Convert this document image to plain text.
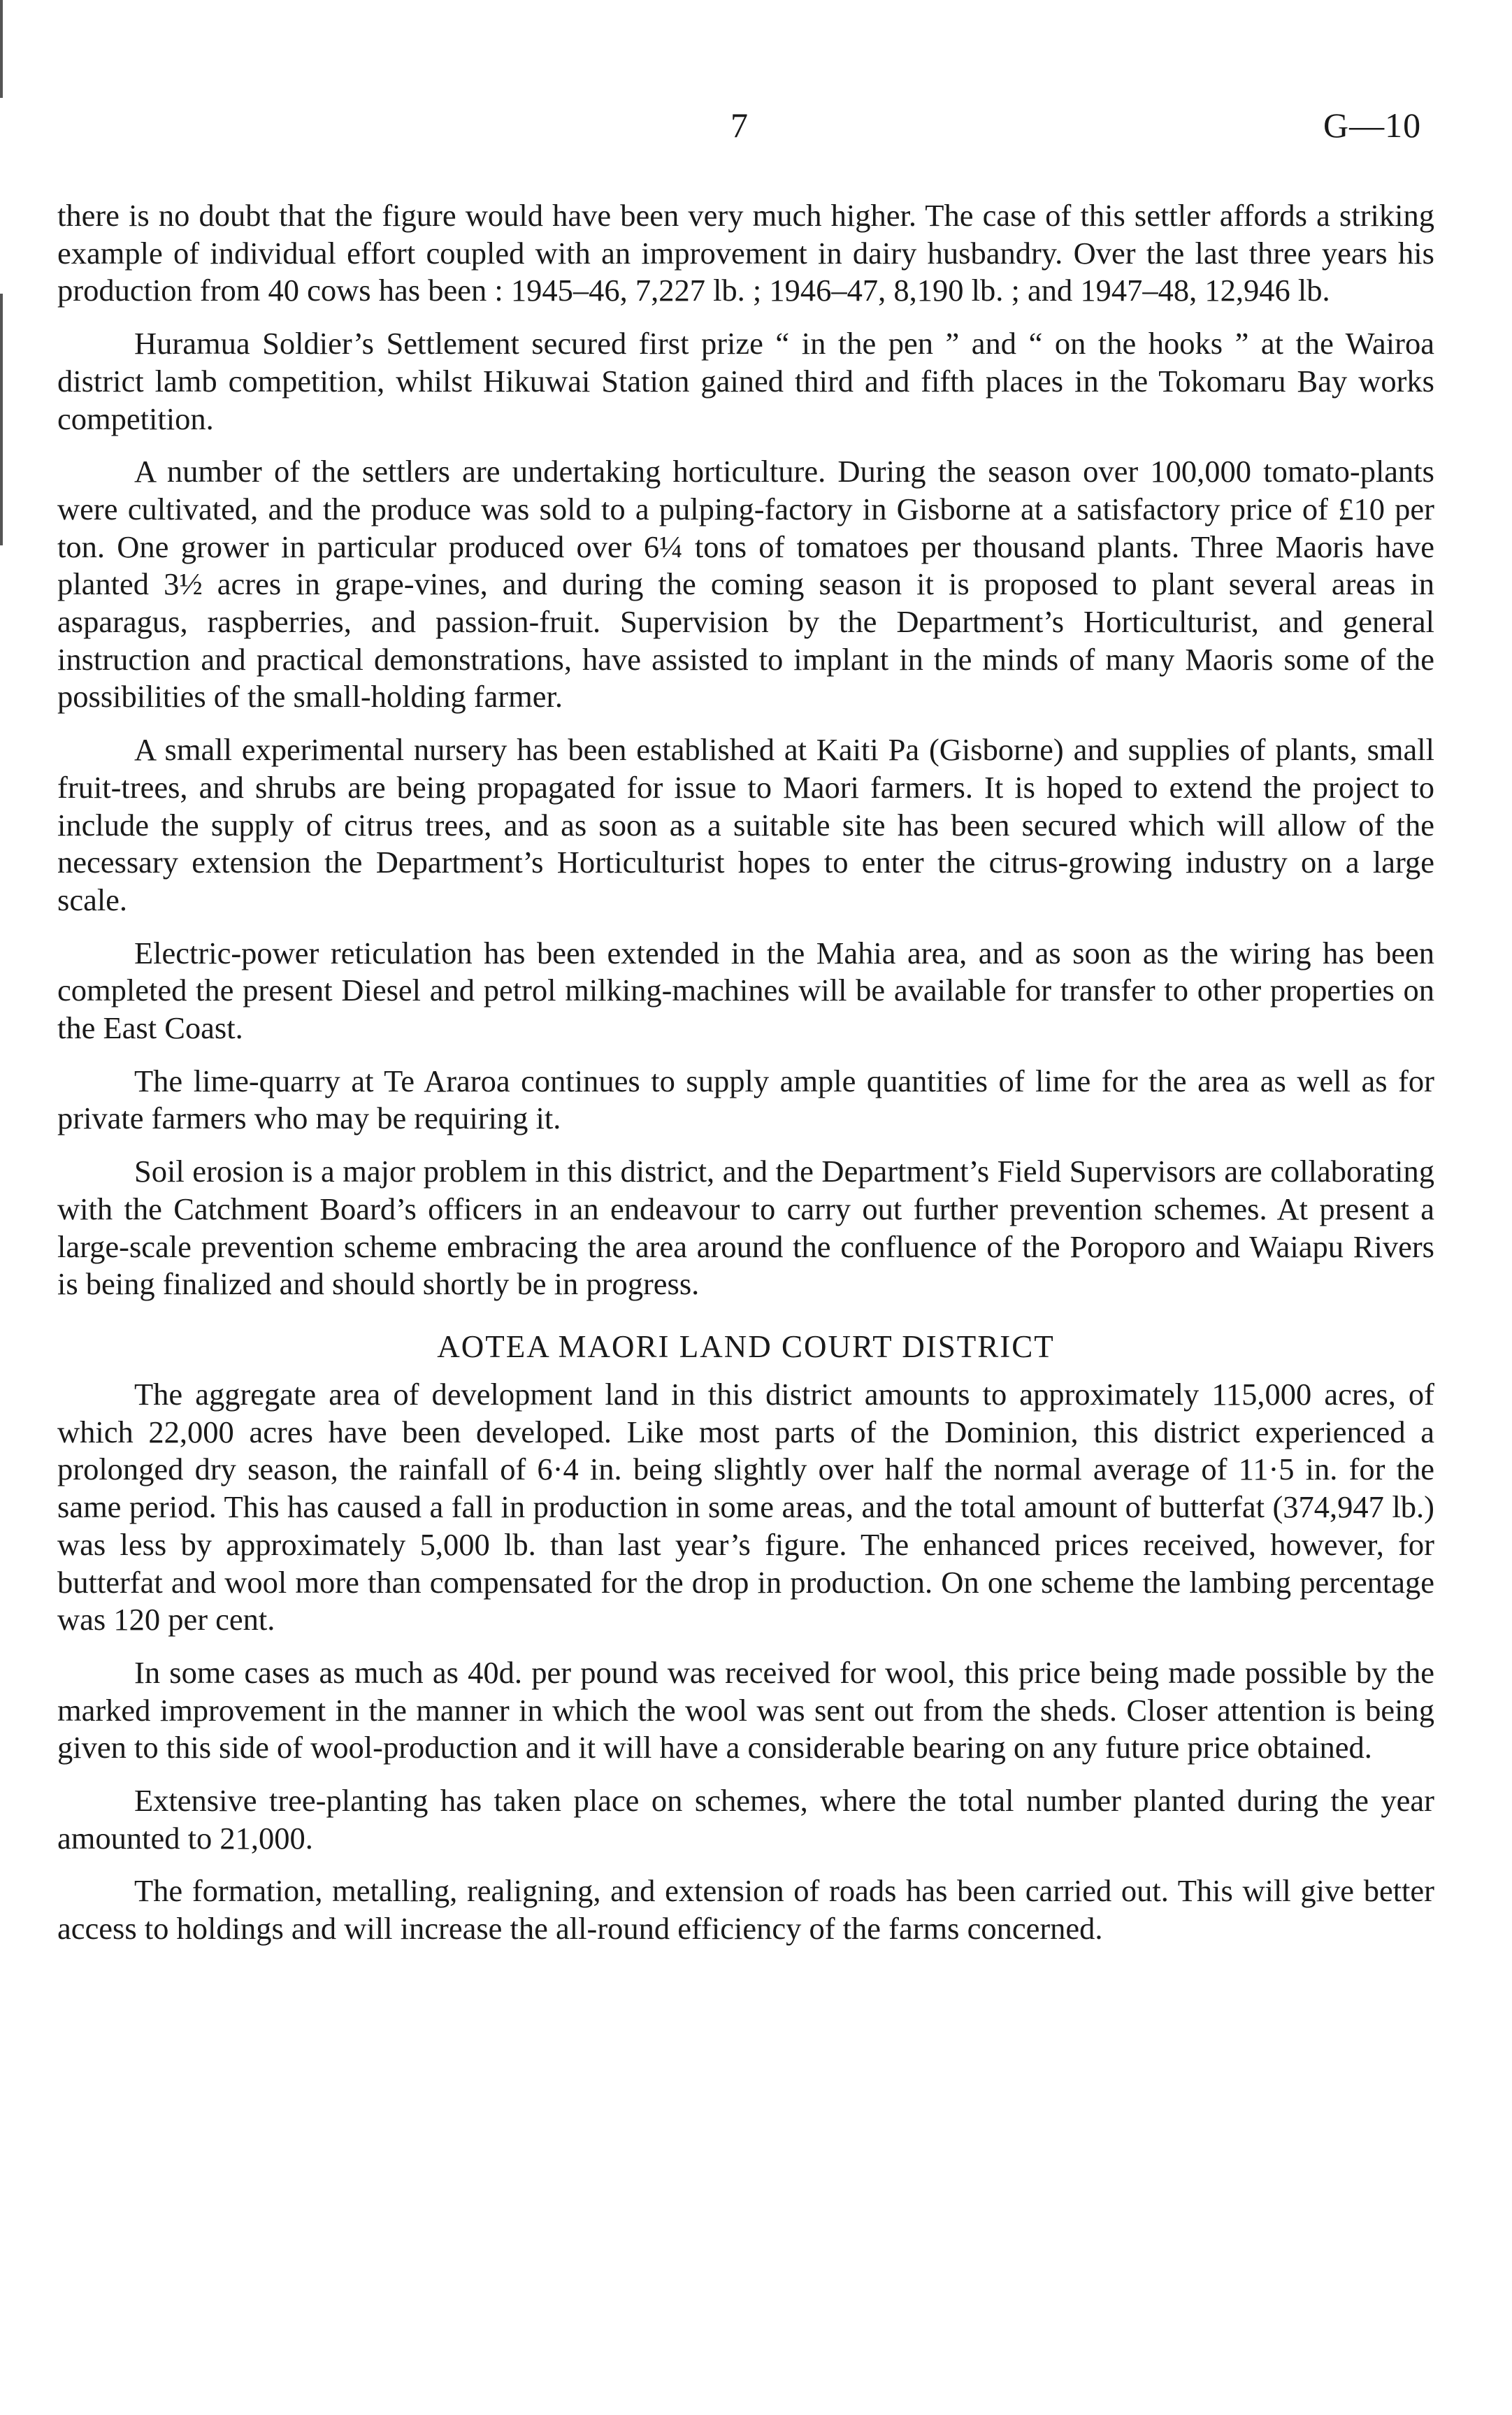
7	G—10

there is no doubt that the figure would have been very much higher. The case of this settler affords a striking example of individual effort coupled with an improvement in dairy husbandry. Over the last three years his production from 40 cows has been : 1945–46, 7,227 lb. ; 1946–47, 8,190 lb. ; and 1947–48, 12,946 lb.

Huramua Soldier’s Settlement secured first prize “ in the pen ” and “ on the hooks ” at the Wairoa district lamb competition, whilst Hikuwai Station gained third and fifth places in the Tokomaru Bay works competition.

A number of the settlers are undertaking horticulture. During the season over 100,000 tomato-plants were cultivated, and the produce was sold to a pulping-factory in Gisborne at a satisfactory price of £10 per ton. One grower in particular produced over 6¼ tons of tomatoes per thousand plants. Three Maoris have planted 3½ acres in grape-vines, and during the coming season it is proposed to plant several areas in asparagus, raspberries, and passion-fruit. Supervision by the Department’s Horticulturist, and general instruction and practical demonstrations, have assisted to implant in the minds of many Maoris some of the possibilities of the small-holding farmer.

A small experimental nursery has been established at Kaiti Pa (Gisborne) and supplies of plants, small fruit-trees, and shrubs are being propagated for issue to Maori farmers. It is hoped to extend the project to include the supply of citrus trees, and as soon as a suitable site has been secured which will allow of the necessary extension the Department’s Horticulturist hopes to enter the citrus-growing industry on a large scale.

Electric-power reticulation has been extended in the Mahia area, and as soon as the wiring has been completed the present Diesel and petrol milking-machines will be available for transfer to other properties on the East Coast.

The lime-quarry at Te Araroa continues to supply ample quantities of lime for the area as well as for private farmers who may be requiring it.

Soil erosion is a major problem in this district, and the Department’s Field Supervisors are collaborating with the Catchment Board’s officers in an endeavour to carry out further prevention schemes. At present a large-scale prevention scheme embracing the area around the confluence of the Poroporo and Waiapu Rivers is being finalized and should shortly be in progress.

AOTEA MAORI LAND COURT DISTRICT

The aggregate area of development land in this district amounts to approximately 115,000 acres, of which 22,000 acres have been developed. Like most parts of the Dominion, this district experienced a prolonged dry season, the rainfall of 6·4 in. being slightly over half the normal average of 11·5 in. for the same period. This has caused a fall in production in some areas, and the total amount of butterfat (374,947 lb.) was less by approximately 5,000 lb. than last year’s figure. The enhanced prices received, however, for butterfat and wool more than compensated for the drop in production. On one scheme the lambing percentage was 120 per cent.

In some cases as much as 40d. per pound was received for wool, this price being made possible by the marked improvement in the manner in which the wool was sent out from the sheds. Closer attention is being given to this side of wool-production and it will have a considerable bearing on any future price obtained.

Extensive tree-planting has taken place on schemes, where the total number planted during the year amounted to 21,000.

The formation, metalling, realigning, and extension of roads has been carried out. This will give better access to holdings and will increase the all-round efficiency of the farms concerned.
